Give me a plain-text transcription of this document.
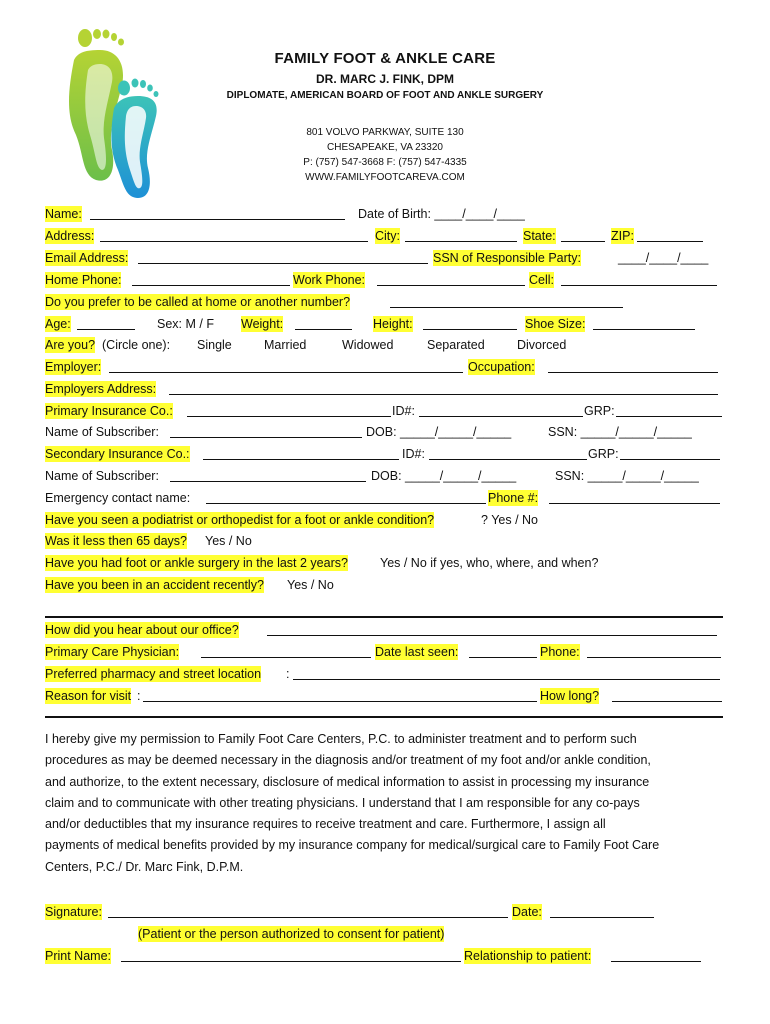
FAMILY FOOT & ANKLE CARE
DR. MARC J. FINK, DPM
DIPLOMATE, AMERICAN BOARD OF FOOT AND ANKLE SURGERY
801 VOLVO PARKWAY, SUITE 130
CHESAPEAKE, VA 23320
P: (757) 547-3668 F: (757) 547-4335
WWW.FAMILYFOOTCAREVA.COM
Name:	Date of Birth: ____/____/____
Address:	City:	State:	ZIP:
Email Address:	SSN of Responsible Party:	____/____/____
Home Phone:	Work Phone:	Cell:
Do you prefer to be called at home or another number?
Age:	Sex: M / F Weight:	Height:	Shoe Size:
Are you? (Circle one): Single	Married	Widowed	Separated	Divorced
Employer:	Occupation:
Employers Address:
Primary Insurance Co.:	ID#:	GRP:
Name of Subscriber:	DOB: _____/_____/_____	SSN: _____/_____/_____
Secondary Insurance Co.:	ID#:	GRP:
Name of Subscriber:	DOB: _____/_____/_____	SSN: _____/_____/_____
Emergency contact name:	Phone #:
Have you seen a podiatrist or orthopedist for a foot or ankle condition?	? Yes / No
Was it less then 65 days? Yes / No
Have you had foot or ankle surgery in the last 2 years?	Yes / No if yes, who, where, and when?
Have you been in an accident recently? Yes / No
How did you hear about our office?
Primary Care Physician:	Date last seen:	Phone:
Preferred pharmacy and street location :
Reason for visit :	How long?
I hereby give my permission to Family Foot Care Centers, P.C. to administer treatment and to perform such
procedures as may be deemed necessary in the diagnosis and/or treatment of my foot and/or ankle condition,
and authorize, to the extent necessary, disclosure of medical information to assist in processing my insurance
claim and to communicate with other treating physicians. I understand that I am responsible for any co-pays
and/or deductibles that my insurance requires to receive treatment and care. Furthermore, I assign all
payments of medical benefits provided by my insurance company for medical/surgical care to Family Foot Care
Centers, P.C./ Dr. Marc Fink, D.P.M.
Signature:	Date:
(Patient or the person authorized to consent for patient)
Print Name:	Relationship to patient:
